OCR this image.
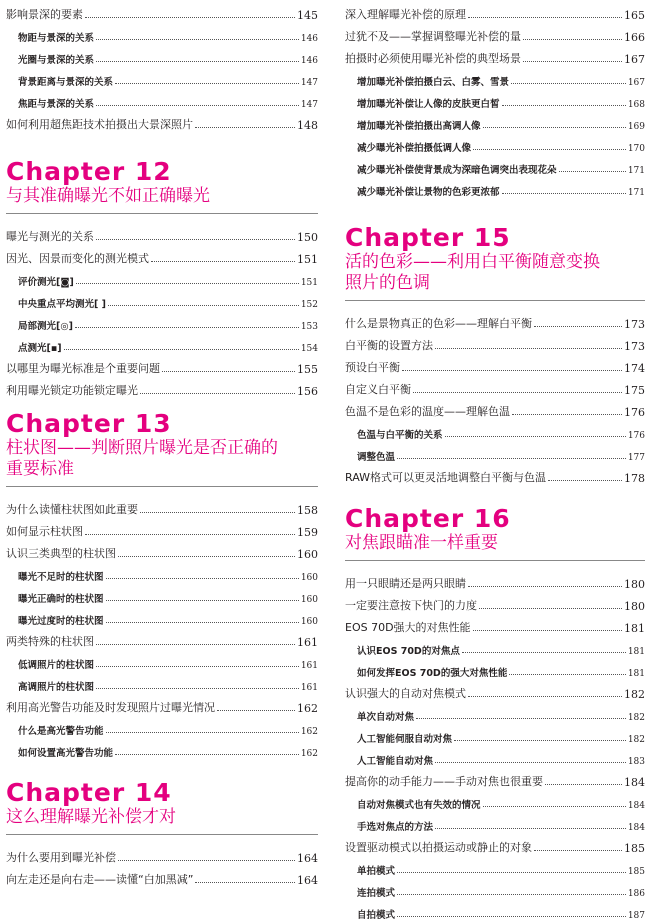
影响景深的要素	145
物距与景深的关系	146
光圈与景深的关系	146
背景距离与景深的关系	147
焦距与景深的关系	147
如何利用超焦距技术拍摄出大景深照片	148
Chapter 12
与其准确曝光不如正确曝光
曝光与测光的关系	150
因光、因景而变化的测光模式	151
评价测光[◙]	151
中央重点平均测光[ ]	152
局部测光[◎]	153
点测光[▪]	154
以哪里为曝光标准是个重要问题	155
利用曝光锁定功能锁定曝光	156
Chapter 13
柱状图——判断照片曝光是否正确的
重要标准
为什么读懂柱状图如此重要	158
如何显示柱状图	159
认识三类典型的柱状图	160
曝光不足时的柱状图	160
曝光正确时的柱状图	160
曝光过度时的柱状图	160
两类特殊的柱状图	161
低调照片的柱状图	161
高调照片的柱状图	161
利用高光警告功能及时发现照片过曝光情况	162
什么是高光警告功能	162
如何设置高光警告功能	162
Chapter 14
这么理解曝光补偿才对
为什么要用到曝光补偿	164
向左走还是向右走——读懂“白加黑减”	164
深入理解曝光补偿的原理	165
过犹不及——掌握调整曝光补偿的量	166
拍摄时必须使用曝光补偿的典型场景	167
增加曝光补偿拍摄白云、白雾、雪景	167
增加曝光补偿让人像的皮肤更白皙	168
增加曝光补偿拍摄出高调人像	169
减少曝光补偿拍摄低调人像	170
减少曝光补偿使背景成为深暗色调突出表现花朵	171
减少曝光补偿让景物的色彩更浓郁	171
Chapter 15
活的色彩——利用白平衡随意变换
照片的色调
什么是景物真正的色彩——理解白平衡	173
白平衡的设置方法	173
预设白平衡	174
自定义白平衡	175
色温不是色彩的温度——理解色温	176
色温与白平衡的关系	176
调整色温	177
RAW格式可以更灵活地调整白平衡与色温	178
Chapter 16
对焦跟瞄准一样重要
用一只眼睛还是两只眼睛	180
一定要注意按下快门的力度	180
EOS 70D强大的对焦性能	181
认识EOS 70D的对焦点	181
如何发挥EOS 70D的强大对焦性能	181
认识强大的自动对焦模式	182
单次自动对焦	182
人工智能伺服自动对焦	182
人工智能自动对焦	183
提高你的动手能力——手动对焦也很重要	184
自动对焦模式也有失效的情况	184
手选对焦点的方法	184
设置驱动模式以拍摄运动或静止的对象	185
单拍模式	185
连拍模式	186
自拍模式	187
